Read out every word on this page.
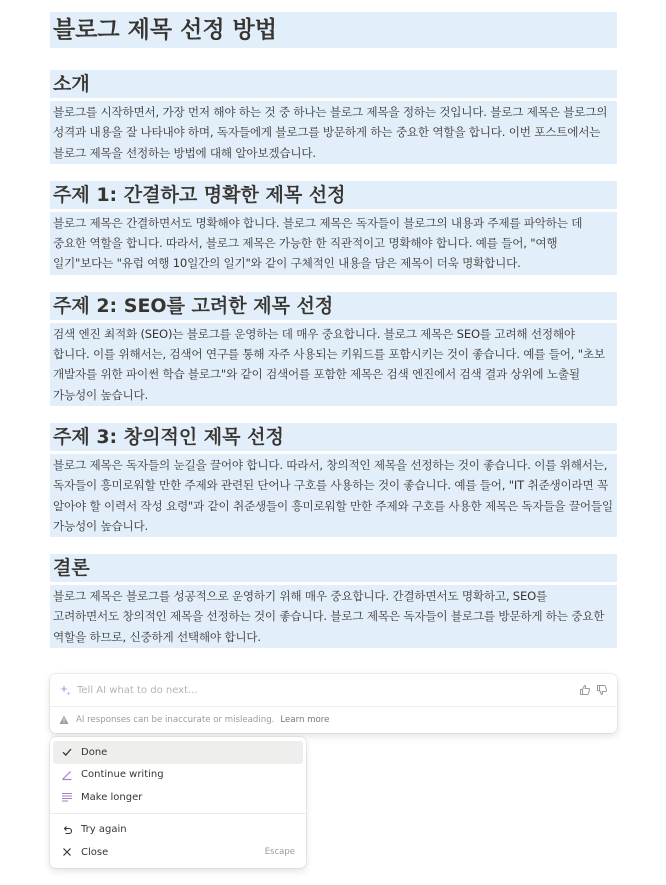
블로그 제목 선정 방법
소개

블로그를 시작하면서, 가장 먼저 해야 하는 것 중 하나는 블로그 제목을 정하는 것입니다. 블로그 제목은 블로그의 성격과 내용을 잘 나타내야 하며, 독자들에게 블로그를 방문하게 하는 중요한 역할을 합니다. 이번 포스트에서는 블로그 제목을 선정하는 방법에 대해 알아보겠습니다.

주제 1: 간결하고 명확한 제목 선정

블로그 제목은 간결하면서도 명확해야 합니다. 블로그 제목은 독자들이 블로그의 내용과 주제를 파악하는 데 중요한 역할을 합니다. 따라서, 블로그 제목은 가능한 한 직관적이고 명확해야 합니다. 예를 들어, "여행 일기"보다는 "유럽 여행 10일간의 일기"와 같이 구체적인 내용을 담은 제목이 더욱 명확합니다.

주제 2: SEO를 고려한 제목 선정

검색 엔진 최적화 (SEO)는 블로그를 운영하는 데 매우 중요합니다. 블로그 제목은 SEO를 고려해 선정해야 합니다. 이를 위해서는, 검색어 연구를 통해 자주 사용되는 키워드를 포함시키는 것이 좋습니다. 예를 들어, "초보 개발자를 위한 파이썬 학습 블로그"와 같이 검색어를 포함한 제목은 검색 엔진에서 검색 결과 상위에 노출될 가능성이 높습니다.

주제 3: 창의적인 제목 선정

블로그 제목은 독자들의 눈길을 끌어야 합니다. 따라서, 창의적인 제목을 선정하는 것이 좋습니다. 이를 위해서는, 독자들이 흥미로워할 만한 주제와 관련된 단어나 구호를 사용하는 것이 좋습니다. 예를 들어, "IT 취준생이라면 꼭 알아야 할 이력서 작성 요령"과 같이 취준생들이 흥미로워할 만한 주제와 구호를 사용한 제목은 독자들을 끌어들일 가능성이 높습니다.

결론

블로그 제목은 블로그를 성공적으로 운영하기 위해 매우 중요합니다. 간결하면서도 명확하고, SEO를 고려하면서도 창의적인 제목을 선정하는 것이 좋습니다. 블로그 제목은 독자들이 블로그를 방문하게 하는 중요한 역할을 하므로, 신중하게 선택해야 합니다.

Tell AI what to do next...
AI responses can be inaccurate or misleading. Learn more
Done
Continue writing
Make longer
Try again
Close	Escape
